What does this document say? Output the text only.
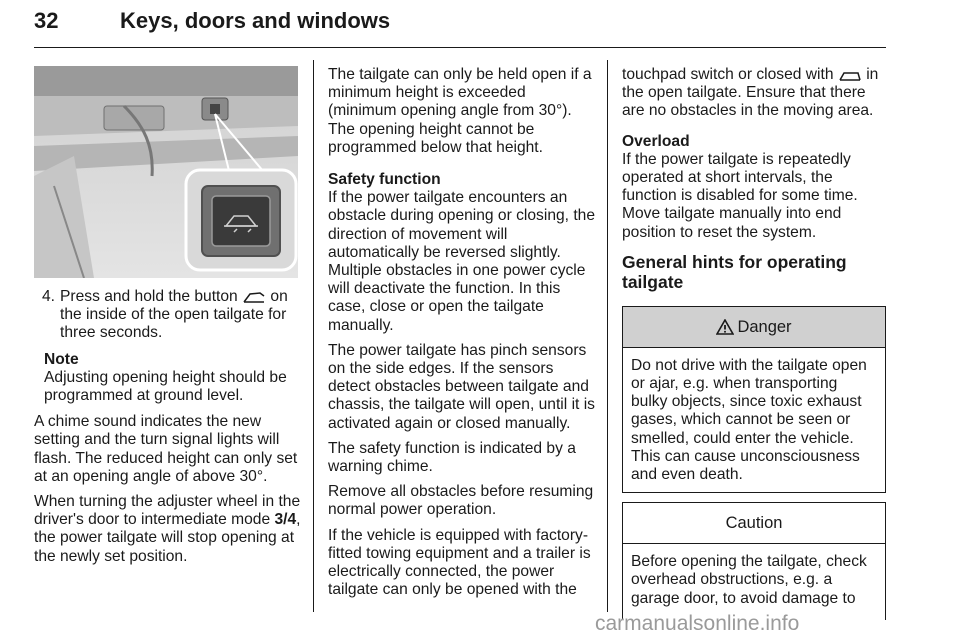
32	Keys, doors and windows
4. Press and hold the button on the inside of the open tailgate for three seconds.
Note
Adjusting opening height should be programmed at ground level.

A chime sound indicates the new setting and the turn signal lights will flash. The reduced height can only set at an opening angle of above 30°.

When turning the adjuster wheel in the driver's door to intermediate mode 3/4, the power tailgate will stop opening at the newly set position.

The tailgate can only be held open if a minimum height is exceeded (minimum opening angle from 30°). The opening height cannot be programmed below that height.

Safety function

If the power tailgate encounters an obstacle during opening or closing, the direction of movement will automatically be reversed slightly. Multiple obstacles in one power cycle will deactivate the function. In this case, close or open the tailgate manually.

The power tailgate has pinch sensors on the side edges. If the sensors detect obstacles between tailgate and chassis, the tailgate will open, until it is activated again or closed manually.

The safety function is indicated by a warning chime.

Remove all obstacles before resuming normal power operation.

If the vehicle is equipped with factory-fitted towing equipment and a trailer is electrically connected, the power tailgate can only be opened with the

touchpad switch or closed with in the open tailgate. Ensure that there are no obstacles in the moving area.

Overload

If the power tailgate is repeatedly operated at short intervals, the function is disabled for some time. Move tailgate manually into end position to reset the system.

General hints for operating tailgate
Danger
Do not drive with the tailgate open or ajar, e.g. when transporting bulky objects, since toxic exhaust gases, which cannot be seen or smelled, could enter the vehicle. This can cause unconsciousness and even death.
Caution
Before opening the tailgate, check overhead obstructions, e.g. a garage door, to avoid damage to
carmanualsonline.info
